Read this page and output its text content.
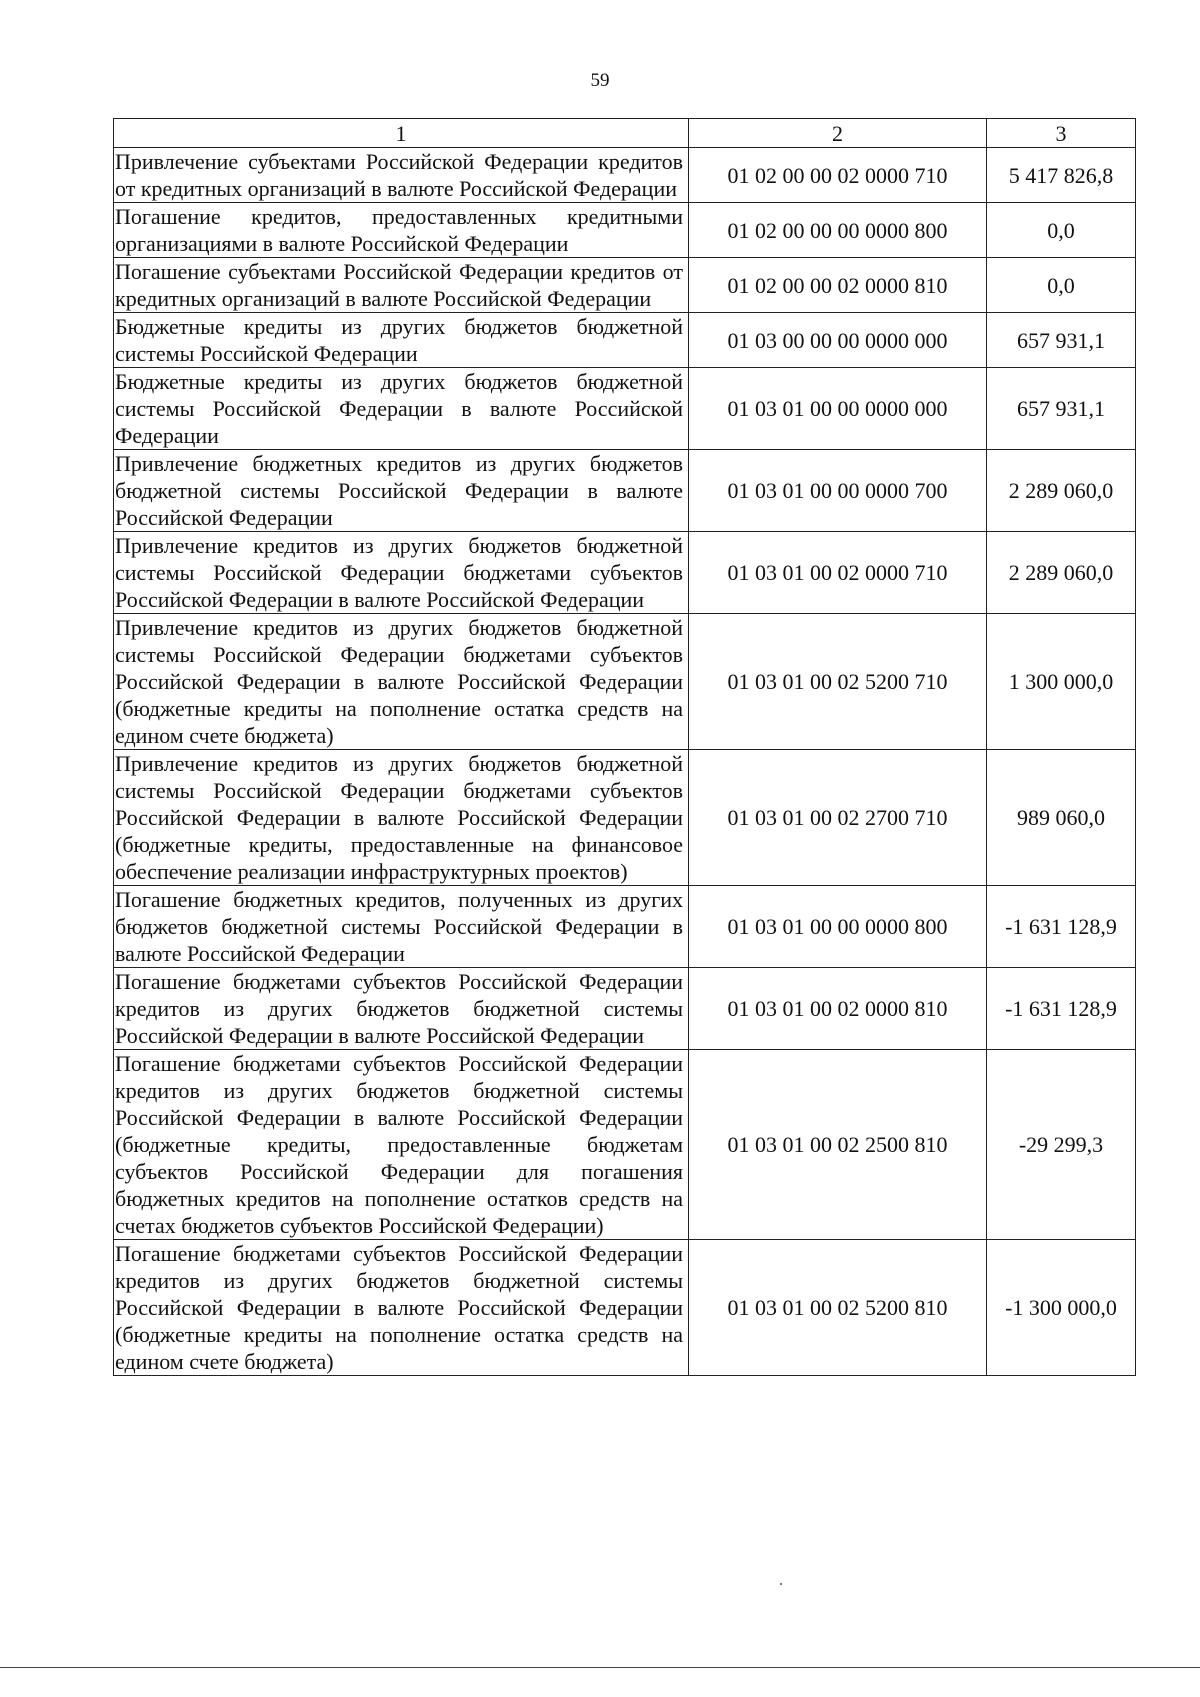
59
1	2	3
Привлечение субъектами Российской Федерации кредитов от кредитных организаций в валюте Российской Федерации	01 02 00 00 02 0000 710	5 417 826,8
Погашение кредитов, предоставленных кредитными организациями в валюте Российской Федерации	01 02 00 00 00 0000 800	0,0
Погашение субъектами Российской Федерации кредитов от кредитных организаций в валюте Российской Федерации	01 02 00 00 02 0000 810	0,0
Бюджетные кредиты из других бюджетов бюджетной системы Российской Федерации	01 03 00 00 00 0000 000	657 931,1
Бюджетные кредиты из других бюджетов бюджетной системы Российской Федерации в валюте Российской Федерации	01 03 01 00 00 0000 000	657 931,1
Привлечение бюджетных кредитов из других бюджетов бюджетной системы Российской Федерации в валюте Российской Федерации	01 03 01 00 00 0000 700	2 289 060,0
Привлечение кредитов из других бюджетов бюджетной системы Российской Федерации бюджетами субъектов Российской Федерации в валюте Российской Федерации	01 03 01 00 02 0000 710	2 289 060,0
Привлечение кредитов из других бюджетов бюджетной системы Российской Федерации бюджетами субъектов Российской Федерации в валюте Российской Федерации (бюджетные кредиты на пополнение остатка средств на едином счете бюджета)	01 03 01 00 02 5200 710	1 300 000,0
Привлечение кредитов из других бюджетов бюджетной системы Российской Федерации бюджетами субъектов Российской Федерации в валюте Российской Федерации (бюджетные кредиты, предоставленные на финансовое обеспечение реализации инфраструктурных проектов)	01 03 01 00 02 2700 710	989 060,0
Погашение бюджетных кредитов, полученных из других бюджетов бюджетной системы Российской Федерации в валюте Российской Федерации	01 03 01 00 00 0000 800	-1 631 128,9
Погашение бюджетами субъектов Российской Федерации кредитов из других бюджетов бюджетной системы Российской Федерации в валюте Российской Федерации	01 03 01 00 02 0000 810	-1 631 128,9
Погашение бюджетами субъектов Российской Федерации кредитов из других бюджетов бюджетной системы Российской Федерации в валюте Российской Федерации (бюджетные кредиты, предоставленные бюджетам субъектов Российской Федерации для погашения бюджетных кредитов на пополнение остатков средств на счетах бюджетов субъектов Российской Федерации)	01 03 01 00 02 2500 810	-29 299,3
Погашение бюджетами субъектов Российской Федерации кредитов из других бюджетов бюджетной системы Российской Федерации в валюте Российской Федерации (бюджетные кредиты на пополнение остатка средств на едином счете бюджета)	01 03 01 00 02 5200 810	-1 300 000,0
